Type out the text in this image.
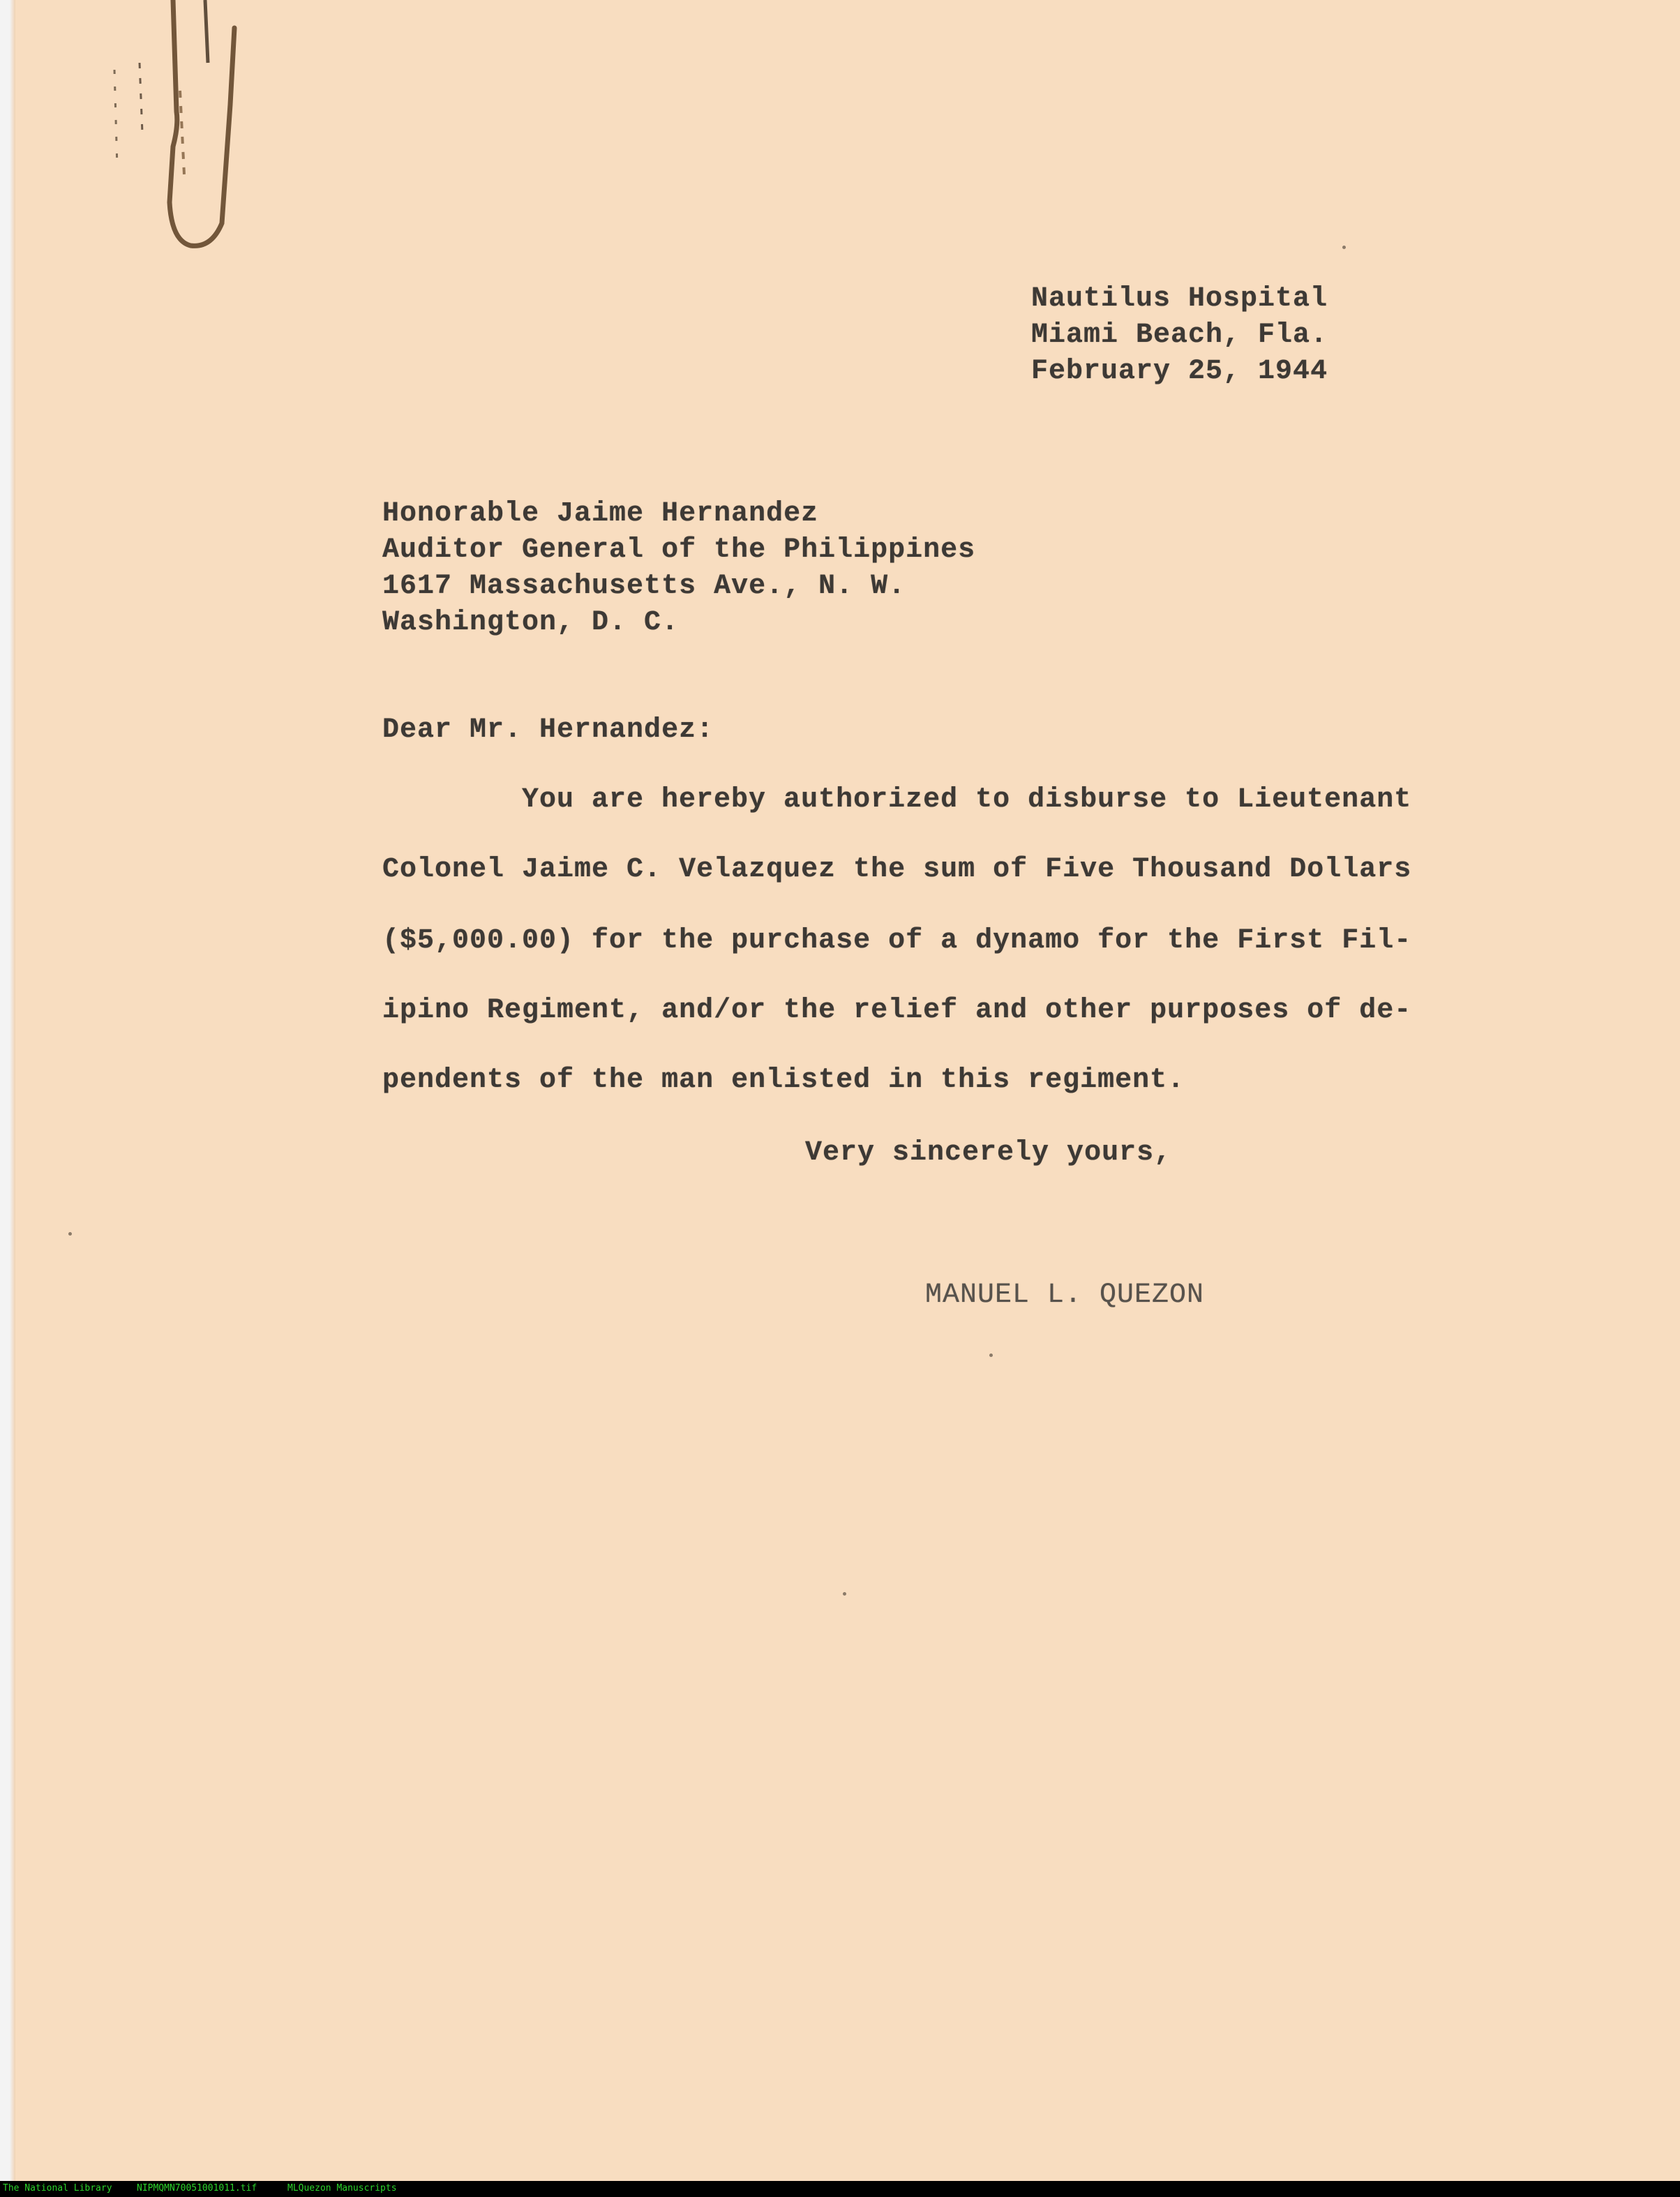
Nautilus Hospital
Miami Beach, Fla.
February 25, 1944
Honorable Jaime Hernandez
Auditor General of the Philippines
1617 Massachusetts Ave., N. W.
Washington, D. C.
Dear Mr. Hernandez:
You are hereby authorized to disburse to Lieutenant
Colonel Jaime C. Velazquez the sum of Five Thousand Dollars
($5,000.00) for the purchase of a dynamo for the First Fil-
ipino Regiment, and/or the relief and other purposes of de-
pendents of the man enlisted in this regiment.
Very sincerely yours,
MANUEL L. QUEZON
The National Library	NIPMQMN70051001011.tif	MLQuezon Manuscripts
